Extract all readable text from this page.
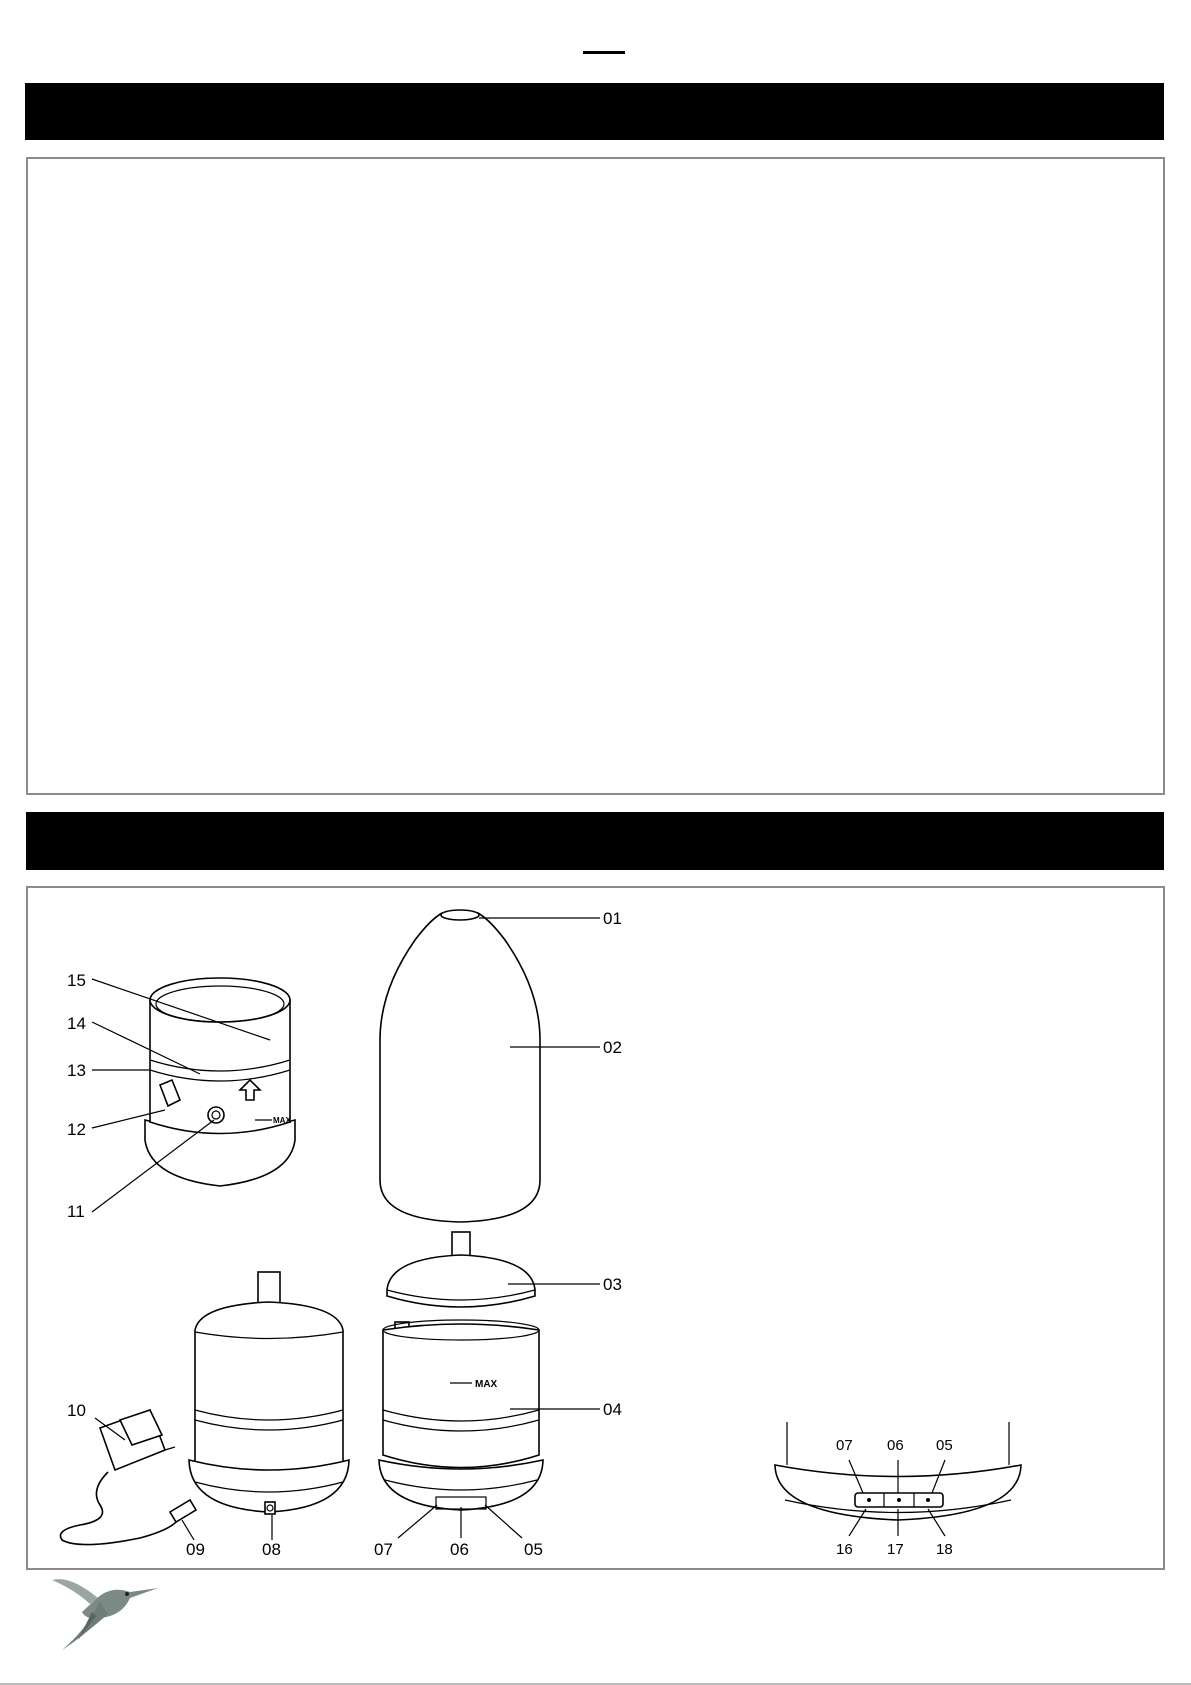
MAX
MAX
01
02
03
04
15
14
13
12
11
10
09	08	07	06	05
07 06 05
16 17 18
